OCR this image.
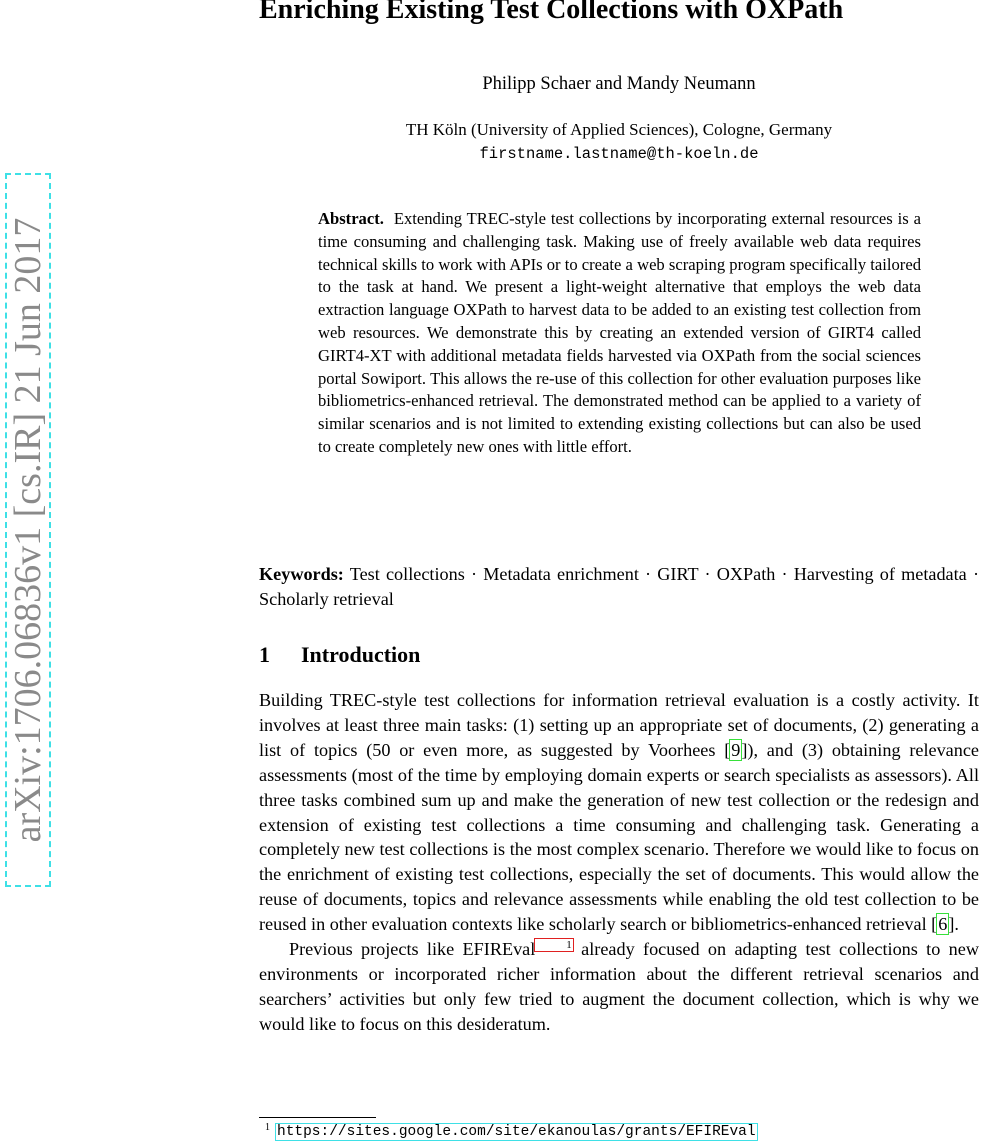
arXiv:1706.06836v1 [cs.IR] 21 Jun 2017
Enriching Existing Test Collections with OXPath
Philipp Schaer and Mandy Neumann
TH Köln (University of Applied Sciences), Cologne, Germany
firstname.lastname@th-koeln.de
Abstract. Extending TREC-style test collections by incorporating external resources is a time consuming and challenging task. Making use of freely available web data requires technical skills to work with APIs or to create a web scraping program specifically tailored to the task at hand. We present a light-weight alternative that employs the web data extraction language OXPath to harvest data to be added to an existing test collection from web resources. We demonstrate this by creating an extended version of GIRT4 called GIRT4-XT with additional metadata fields harvested via OXPath from the social sciences portal Sowiport. This allows the re-use of this collection for other evaluation purposes like bibliometrics-enhanced retrieval. The demonstrated method can be applied to a variety of similar scenarios and is not limited to extending existing collections but can also be used to create completely new ones with little effort.
Keywords: Test collections · Metadata enrichment · GIRT · OXPath · Harvesting of metadata · Scholarly retrieval
1 Introduction

Building TREC-style test collections for information retrieval evaluation is a costly activity. It involves at least three main tasks: (1) setting up an appropriate set of documents, (2) generating a list of topics (50 or even more, as suggested by Voorhees [9]), and (3) obtaining relevance assessments (most of the time by employing domain experts or search specialists as assessors). All three tasks combined sum up and make the generation of new test collection or the redesign and extension of existing test collections a time consuming and challenging task. Generating a completely new test collections is the most complex scenario. Therefore we would like to focus on the enrichment of existing test collections, especially the set of documents. This would allow the reuse of documents, topics and relevance assessments while enabling the old test collection to be reused in other evaluation contexts like scholarly search or bibliometrics-enhanced retrieval [6].

Previous projects like EFIREval	1 already focused on adapting test collections to new environments or incorporated richer information about the different retrieval scenarios and searchers’ activities but only few tried to augment the document collection, which is why we would like to focus on this desideratum.

$^1$ https://sites.google.com/site/ekanoulas/grants/EFIREval
